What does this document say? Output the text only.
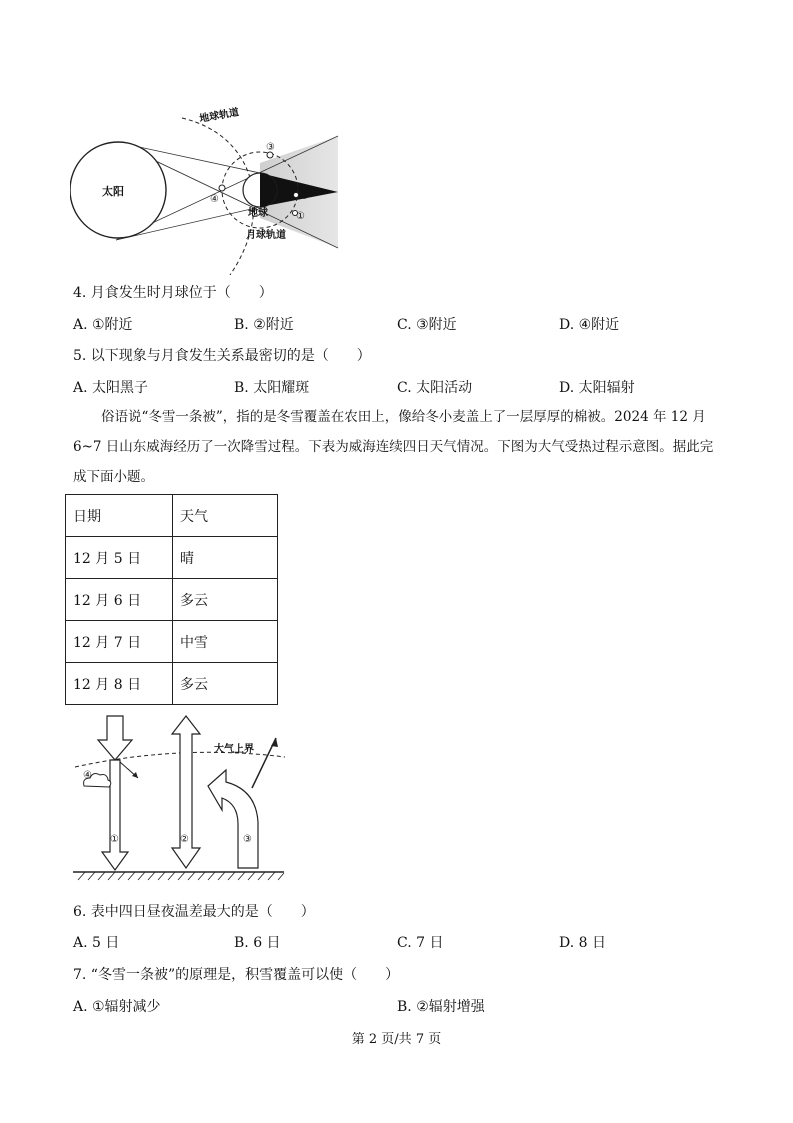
太阳
地球轨道
③
④	②
①
地球
月球轨道
4. 月食发生时月球位于（　　）
A. ①附近	B. ②附近	C. ③附近	D. ④附近
5. 以下现象与月食发生关系最密切的是（　　）
A. 太阳黑子	B. 太阳耀斑	C. 太阳活动	D. 太阳辐射
俗语说“冬雪一条被”，指的是冬雪覆盖在农田上，像给冬小麦盖上了一层厚厚的棉被。2024 年 12 月
6~7 日山东威海经历了一次降雪过程。下表为威海连续四日天气情况。下图为大气受热过程示意图。据此完
成下面小题。
日期	天气
12 月 5 日	晴
12 月 6 日	多云
12 月 7 日	中雪
12 月 8 日	多云
大气上界
①
④
②	③
6. 表中四日昼夜温差最大的是（　　）
A. 5 日	B. 6 日	C. 7 日	D. 8 日
7. “冬雪一条被”的原理是，积雪覆盖可以使（　　）
A. ①辐射减少	B. ②辐射增强
第 2 页/共 7 页
